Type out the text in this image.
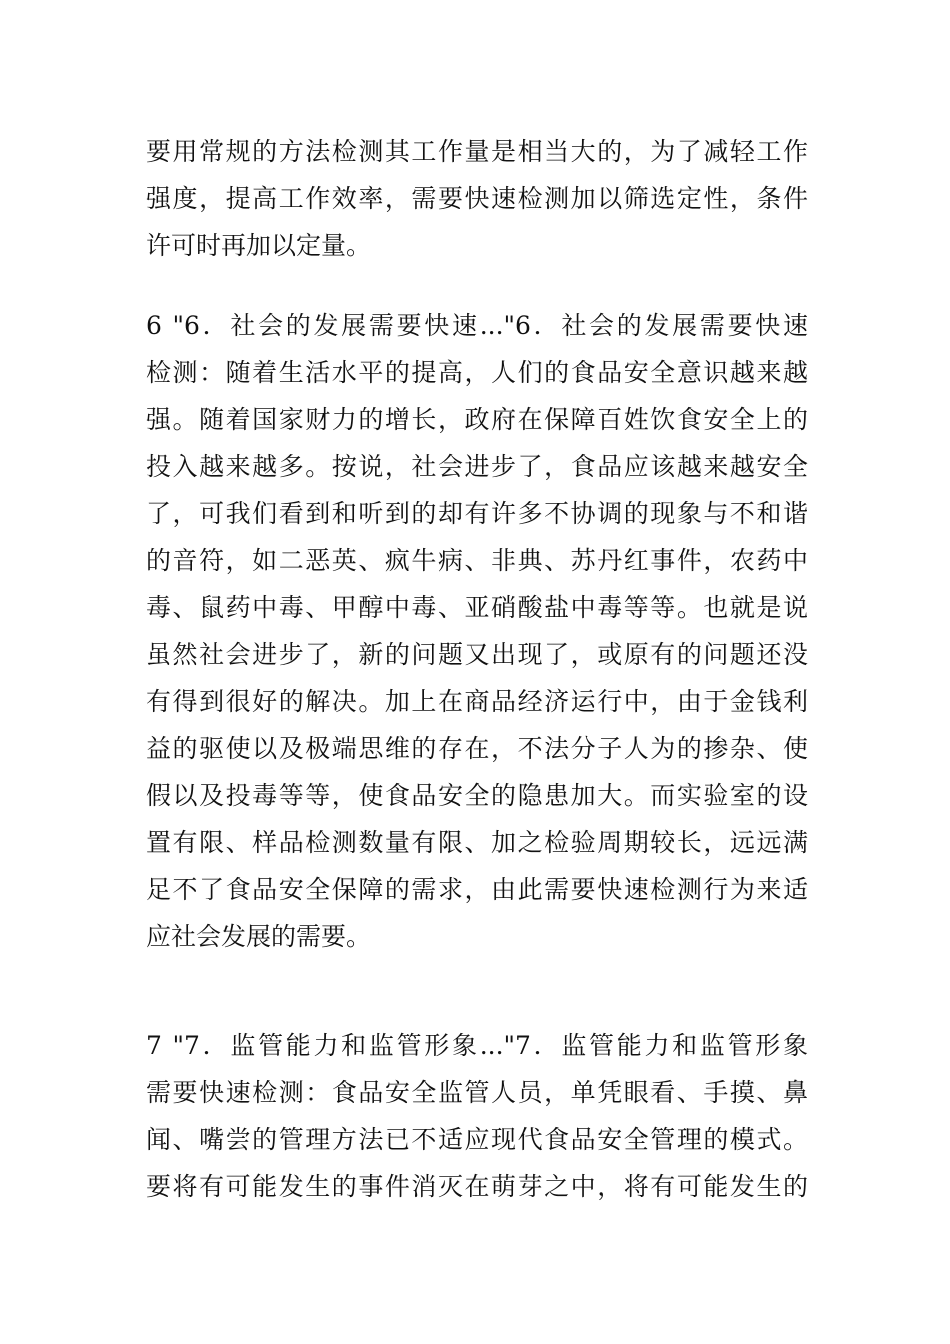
要用常规的方法检测其工作量是相当大的，为了减轻工作
强度，提高工作效率，需要快速检测加以筛选定性，条件
许可时再加以定量。
6 "6．社会的发展需要快速..."6．社会的发展需要快速
检测：随着生活水平的提高，人们的食品安全意识越来越
强。随着国家财力的增长，政府在保障百姓饮食安全上的
投入越来越多。按说，社会进步了，食品应该越来越安全
了，可我们看到和听到的却有许多不协调的现象与不和谐
的音符，如二恶英、疯牛病、非典、苏丹红事件，农药中
毒、鼠药中毒、甲醇中毒、亚硝酸盐中毒等等。也就是说
虽然社会进步了，新的问题又出现了，或原有的问题还没
有得到很好的解决。加上在商品经济运行中，由于金钱利
益的驱使以及极端思维的存在，不法分子人为的掺杂、使
假以及投毒等等，使食品安全的隐患加大。而实验室的设
置有限、样品检测数量有限、加之检验周期较长，远远满
足不了食品安全保障的需求，由此需要快速检测行为来适
应社会发展的需要。
7 "7．监管能力和监管形象..."7．监管能力和监管形象
需要快速检测：食品安全监管人员，单凭眼看、手摸、鼻
闻、嘴尝的管理方法已不适应现代食品安全管理的模式。
要将有可能发生的事件消灭在萌芽之中，将有可能发生的
